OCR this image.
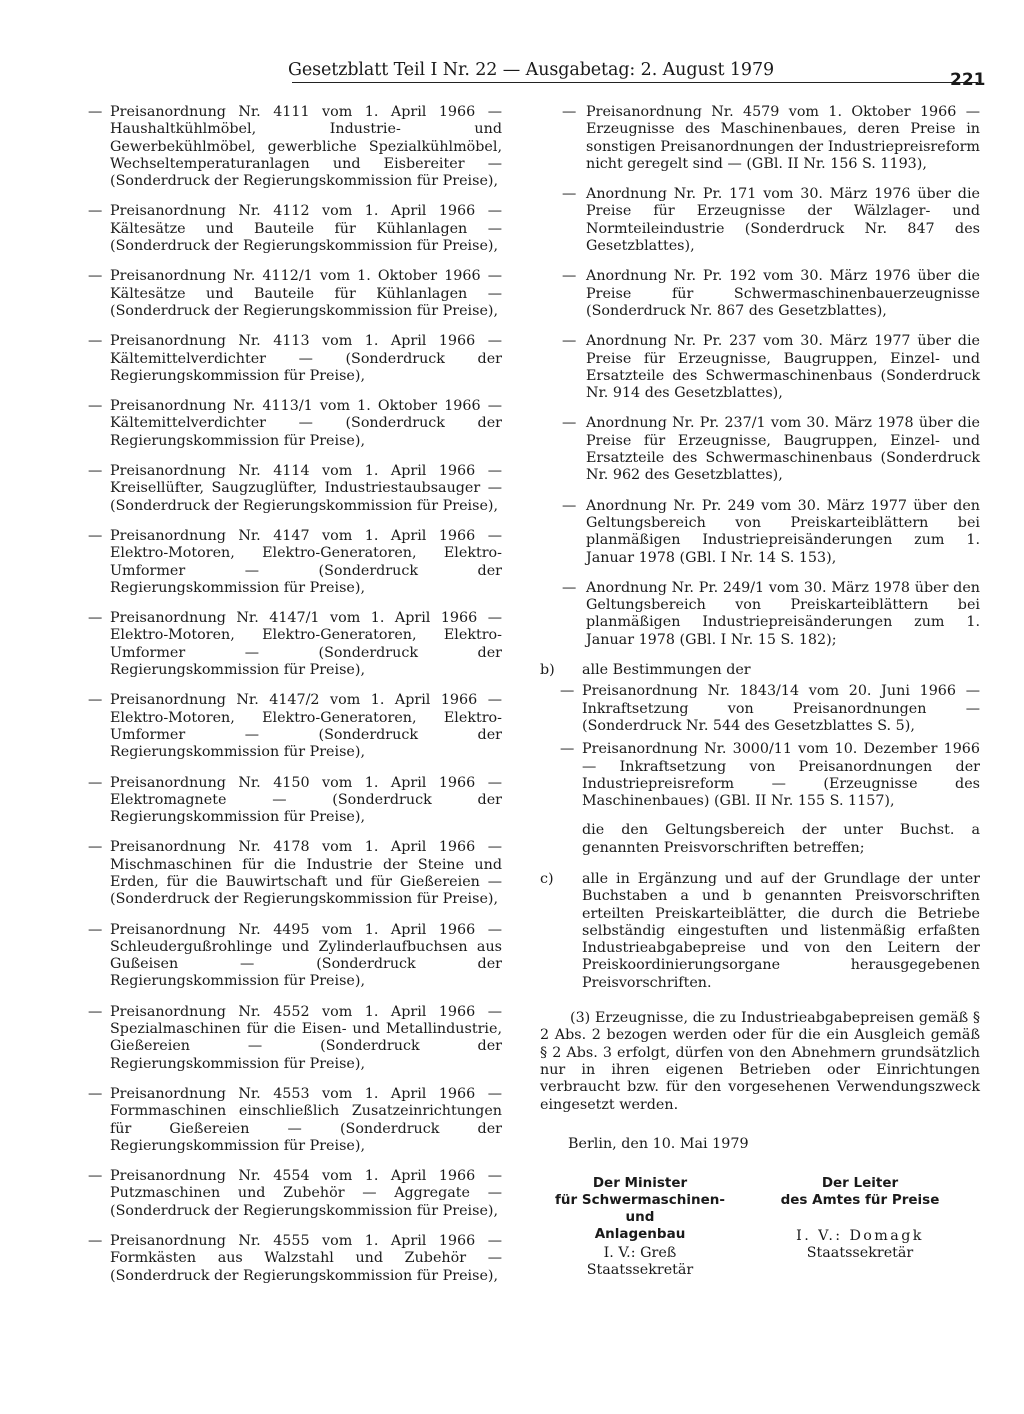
Gesetzblatt Teil I Nr. 22 — Ausgabetag: 2. August 1979	221
— Preisanordnung Nr. 4111 vom 1. April 1966 — Haushaltkühlmöbel, Industrie- und Gewerbekühlmöbel, gewerbliche Spezialkühlmöbel, Wechseltemperaturanlagen und Eisbereiter — (Sonderdruck der Regierungskommission für Preise),
— Preisanordnung Nr. 4112 vom 1. April 1966 — Kältesätze und Bauteile für Kühlanlagen — (Sonderdruck der Regierungskommission für Preise),
— Preisanordnung Nr. 4112/1 vom 1. Oktober 1966 — Kältesätze und Bauteile für Kühlanlagen — (Sonderdruck der Regierungskommission für Preise),
— Preisanordnung Nr. 4113 vom 1. April 1966 — Kältemittelverdichter — (Sonderdruck der Regierungskommission für Preise),
— Preisanordnung Nr. 4113/1 vom 1. Oktober 1966 — Kältemittelverdichter — (Sonderdruck der Regierungskommission für Preise),
— Preisanordnung Nr. 4114 vom 1. April 1966 — Kreisellüfter, Saugzuglüfter, Industriestaubsauger — (Sonderdruck der Regierungskommission für Preise),
— Preisanordnung Nr. 4147 vom 1. April 1966 — Elektro-Motoren, Elektro-Generatoren, Elektro-Umformer — (Sonderdruck der Regierungskommission für Preise),
— Preisanordnung Nr. 4147/1 vom 1. April 1966 — Elektro-Motoren, Elektro-Generatoren, Elektro-Umformer — (Sonderdruck der Regierungskommission für Preise),
— Preisanordnung Nr. 4147/2 vom 1. April 1966 — Elektro-Motoren, Elektro-Generatoren, Elektro-Umformer — (Sonderdruck der Regierungskommission für Preise),
— Preisanordnung Nr. 4150 vom 1. April 1966 — Elektromagnete — (Sonderdruck der Regierungskommission für Preise),
— Preisanordnung Nr. 4178 vom 1. April 1966 — Mischmaschinen für die Industrie der Steine und Erden, für die Bauwirtschaft und für Gießereien — (Sonderdruck der Regierungskommission für Preise),
— Preisanordnung Nr. 4495 vom 1. April 1966 — Schleudergußrohlinge und Zylinderlaufbuchsen aus Gußeisen — (Sonderdruck der Regierungskommission für Preise),
— Preisanordnung Nr. 4552 vom 1. April 1966 — Spezialmaschinen für die Eisen- und Metallindustrie, Gießereien — (Sonderdruck der Regierungskommission für Preise),
— Preisanordnung Nr. 4553 vom 1. April 1966 — Formmaschinen einschließlich Zusatzeinrichtungen für Gießereien — (Sonderdruck der Regierungskommission für Preise),
— Preisanordnung Nr. 4554 vom 1. April 1966 — Putzmaschinen und Zubehör — Aggregate — (Sonderdruck der Regierungskommission für Preise),
— Preisanordnung Nr. 4555 vom 1. April 1966 — Formkästen aus Walzstahl und Zubehör — (Sonderdruck der Regierungskommission für Preise),
— Preisanordnung Nr. 4579 vom 1. Oktober 1966 — Erzeugnisse des Maschinenbaues, deren Preise in sonstigen Preisanordnungen der Industriepreisreform nicht geregelt sind — (GBl. II Nr. 156 S. 1193),
— Anordnung Nr. Pr. 171 vom 30. März 1976 über die Preise für Erzeugnisse der Wälzlager- und Normteileindustrie (Sonderdruck Nr. 847 des Gesetzblattes),
— Anordnung Nr. Pr. 192 vom 30. März 1976 über die Preise für Schwermaschinenbauerzeugnisse (Sonderdruck Nr. 867 des Gesetzblattes),
— Anordnung Nr. Pr. 237 vom 30. März 1977 über die Preise für Erzeugnisse, Baugruppen, Einzel- und Ersatzteile des Schwermaschinenbaus (Sonderdruck Nr. 914 des Gesetzblattes),
— Anordnung Nr. Pr. 237/1 vom 30. März 1978 über die Preise für Erzeugnisse, Baugruppen, Einzel- und Ersatzteile des Schwermaschinenbaus (Sonderdruck Nr. 962 des Gesetzblattes),
— Anordnung Nr. Pr. 249 vom 30. März 1977 über den Geltungsbereich von Preiskarteiblättern bei planmäßigen Industriepreisänderungen zum 1. Januar 1978 (GBl. I Nr. 14 S. 153),
— Anordnung Nr. Pr. 249/1 vom 30. März 1978 über den Geltungsbereich von Preiskarteiblättern bei planmäßigen Industriepreisänderungen zum 1. Januar 1978 (GBl. I Nr. 15 S. 182);
b) alle Bestimmungen der
— Preisanordnung Nr. 1843/14 vom 20. Juni 1966 — Inkraftsetzung von Preisanordnungen — (Sonderdruck Nr. 544 des Gesetzblattes S. 5),
— Preisanordnung Nr. 3000/11 vom 10. Dezember 1966 — Inkraftsetzung von Preisanordnungen der Industriepreisreform — (Erzeugnisse des Maschinenbaues) (GBl. II Nr. 155 S. 1157),
die den Geltungsbereich der unter Buchst. a genannten Preisvorschriften betreffen;
c) alle in Ergänzung und auf der Grundlage der unter Buchstaben a und b genannten Preisvorschriften erteilten Preiskarteiblätter, die durch die Betriebe selbständig eingestuften und listenmäßig erfaßten Industrieabgabepreise und von den Leitern der Preiskoordinierungsorgane herausgegebenen Preisvorschriften.
(3) Erzeugnisse, die zu Industrieabgabepreisen gemäß § 2 Abs. 2 bezogen werden oder für die ein Ausgleich gemäß § 2 Abs. 3 erfolgt, dürfen von den Abnehmern grundsätzlich nur in ihren eigenen Betrieben oder Einrichtungen verbraucht bzw. für den vorgesehenen Verwendungszweck eingesetzt werden.
Berlin, den 10. Mai 1979
Der Minister
für Schwermaschinen- und
Anlagenbau
I. V.: Greß
Staatssekretär
Der Leiter
des Amtes für Preise
I. V.: Domagk
Staatssekretär
